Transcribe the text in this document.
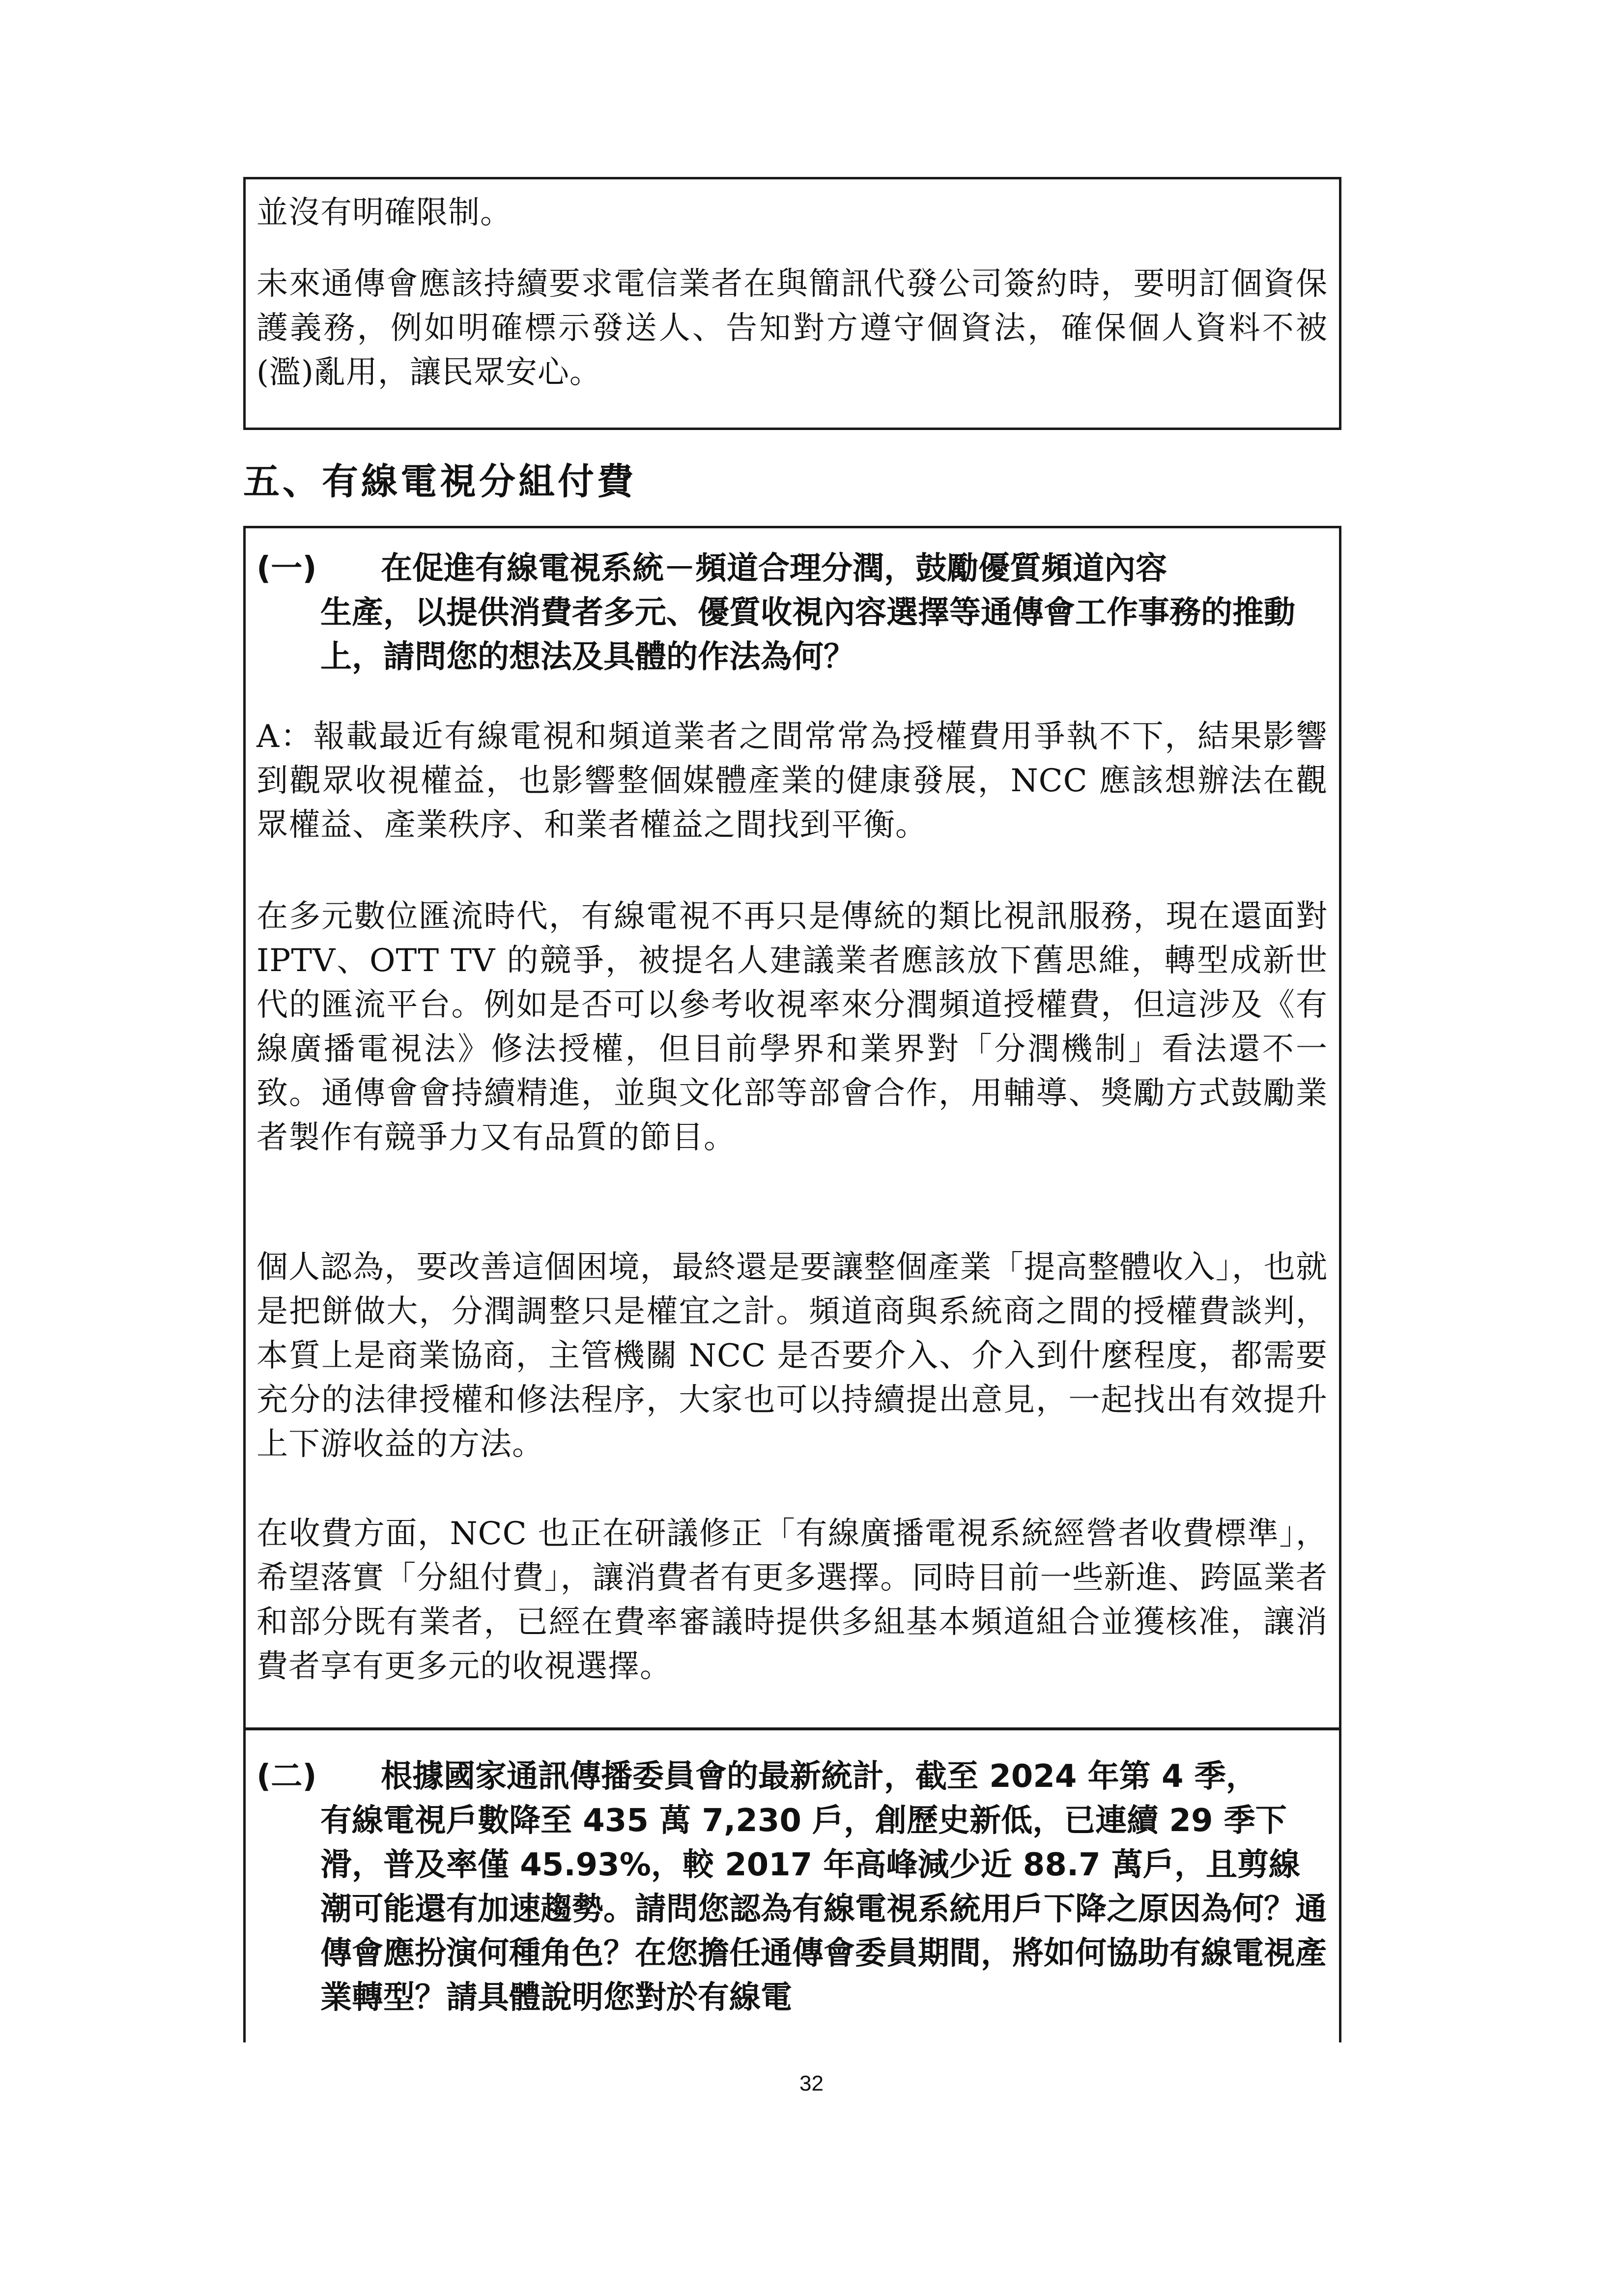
並沒有明確限制。

未來通傳會應該持續要求電信業者在與簡訊代發公司簽約時，要明訂個資保護義務，例如明確標示發送人、告知對方遵守個資法，確保個人資料不被(濫)亂用，讓民眾安心。

五、有線電視分組付費
(一) 在促進有線電視系統－頻道合理分潤，鼓勵優質頻道內容
生產，以提供消費者多元、優質收視內容選擇等通傳會工作事務的推動上，請問您的想法及具體的作法為何？

A：報載最近有線電視和頻道業者之間常常為授權費用爭執不下，結果影響到觀眾收視權益，也影響整個媒體產業的健康發展，NCC 應該想辦法在觀眾權益、產業秩序、和業者權益之間找到平衡。

在多元數位匯流時代，有線電視不再只是傳統的類比視訊服務，現在還面對 IPTV、OTT TV 的競爭，被提名人建議業者應該放下舊思維，轉型成新世代的匯流平台。例如是否可以參考收視率來分潤頻道授權費，但這涉及《有線廣播電視法》修法授權，但目前學界和業界對「分潤機制」看法還不一致。通傳會會持續精進，並與文化部等部會合作，用輔導、獎勵方式鼓勵業者製作有競爭力又有品質的節目。

個人認為，要改善這個困境，最終還是要讓整個產業「提高整體收入」，也就是把餅做大，分潤調整只是權宜之計。頻道商與系統商之間的授權費談判，本質上是商業協商，主管機關 NCC 是否要介入、介入到什麼程度，都需要充分的法律授權和修法程序，大家也可以持續提出意見，一起找出有效提升上下游收益的方法。

在收費方面，NCC 也正在研議修正「有線廣播電視系統經營者收費標準」，希望落實「分組付費」，讓消費者有更多選擇。同時目前一些新進、跨區業者和部分既有業者，已經在費率審議時提供多組基本頻道組合並獲核准，讓消費者享有更多元的收視選擇。

(二) 根據國家通訊傳播委員會的最新統計，截至 2024 年第 4 季，
有線電視戶數降至 435 萬 7,230 戶，創歷史新低，已連續 29 季下滑，普及率僅 45.93%，較 2017 年高峰減少近 88.7 萬戶，且剪線潮可能還有加速趨勢。請問您認為有線電視系統用戶下降之原因為何？通傳會應扮演何種角色？在您擔任通傳會委員期間，將如何協助有線電視產業轉型？請具體說明您對於有線電

32
